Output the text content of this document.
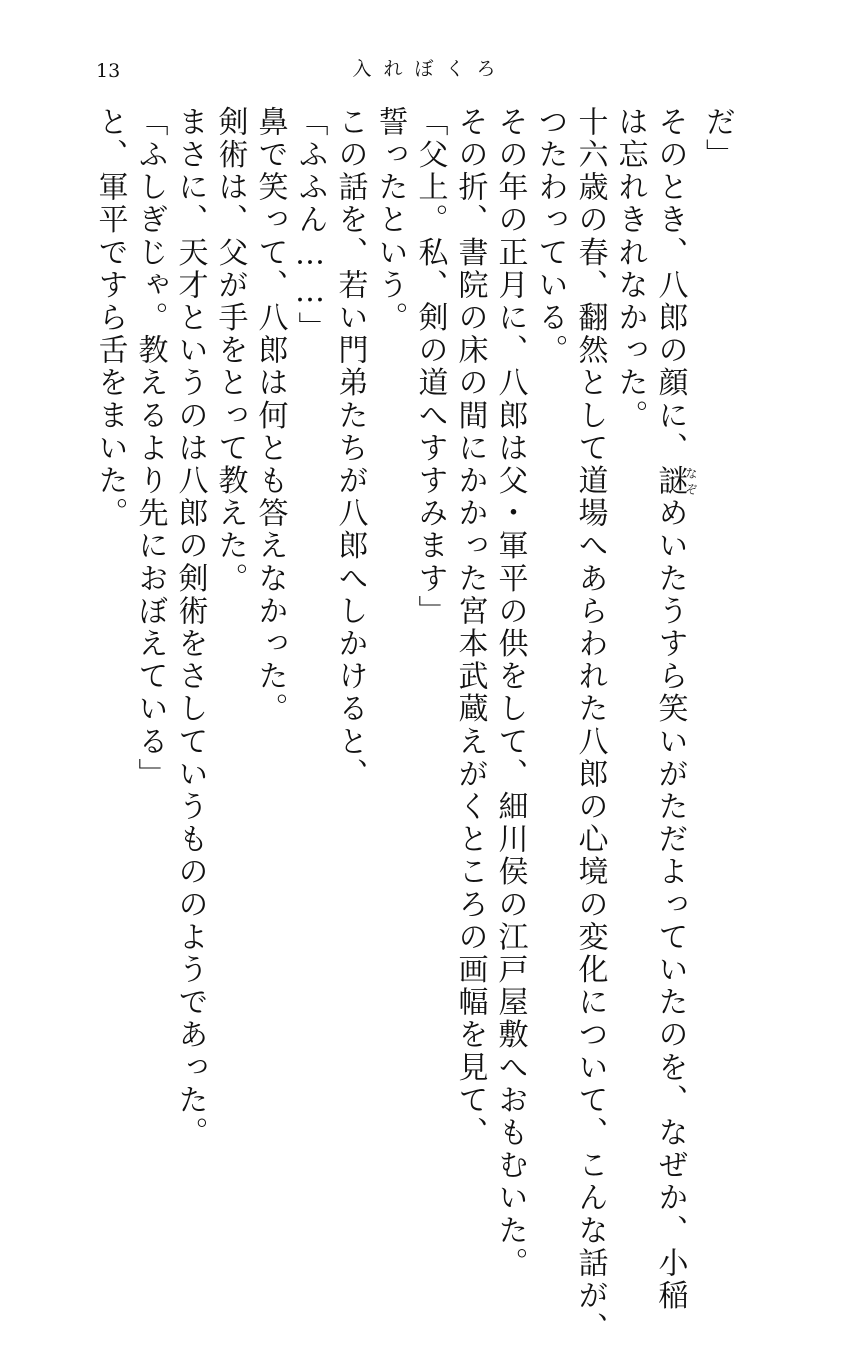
13	入れぼくろ
だ」
そのとき、八郎の顔に、謎なぞめいたうすら笑いがただよっていたのを、なぜか、小稲
は忘れきれなかった。
十六歳の春、翻然として道場へあらわれた八郎の心境の変化について、こんな話が、
つたわっている。
その年の正月に、八郎は父・軍平の供をして、細川侯の江戸屋敷へおもむいた。
その折、書院の床の間にかかった宮本武蔵えがくところの画幅を見て、
「父上。私、剣の道へすすみます」
誓ったという。
この話を、若い門弟たちが八郎へしかけると、
「ふふん……」
鼻で笑って、八郎は何とも答えなかった。
剣術は、父が手をとって教えた。
まさに、天才というのは八郎の剣術をさしていうもののようであった。
「ふしぎじゃ。教えるより先におぼえている」
と、軍平ですら舌をまいた。
